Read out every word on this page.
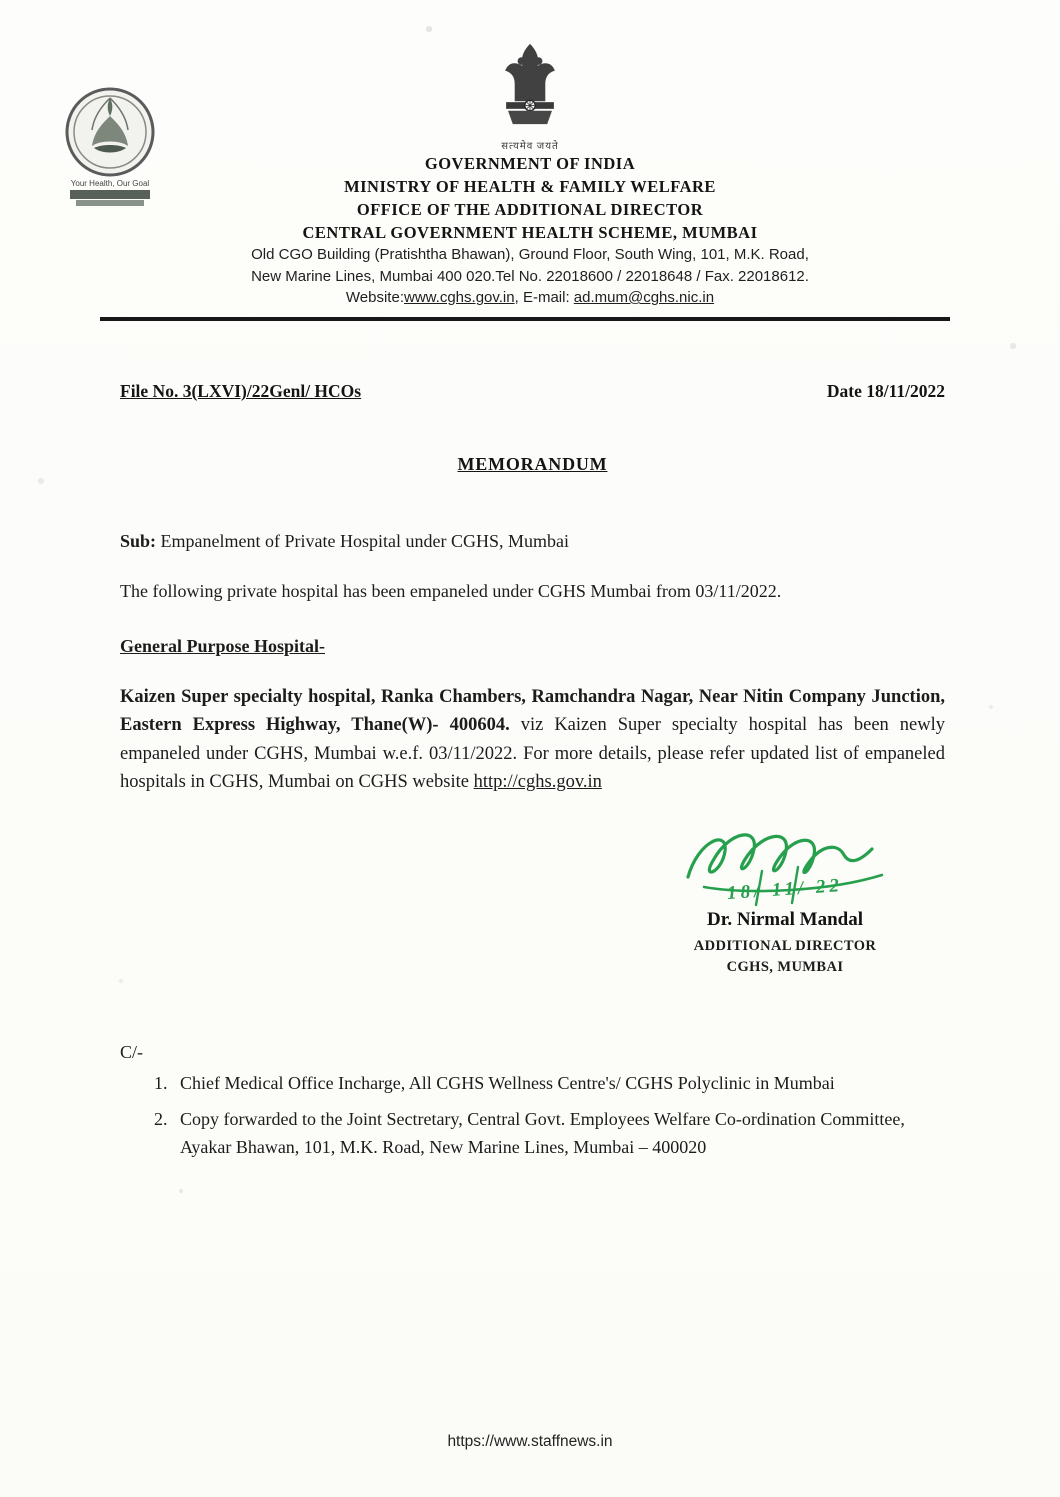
Your Health, Our Goal
सत्यमेव जयते
GOVERNMENT OF INDIA
MINISTRY OF HEALTH & FAMILY WELFARE
OFFICE OF THE ADDITIONAL DIRECTOR
CENTRAL GOVERNMENT HEALTH SCHEME, MUMBAI
Old CGO Building (Pratishtha Bhawan), Ground Floor, South Wing, 101, M.K. Road,
New Marine Lines, Mumbai 400 020.Tel No. 22018600 / 22018648 / Fax. 22018612.
Website:www.cghs.gov.in, E-mail: ad.mum@cghs.nic.in
File No. 3(LXVI)/22Genl/ HCOs	Date 18/11/2022
MEMORANDUM

Sub: Empanelment of Private Hospital under CGHS, Mumbai

The following private hospital has been empaneled under CGHS Mumbai from 03/11/2022.

General Purpose Hospital-

Kaizen Super specialty hospital, Ranka Chambers, Ramchandra Nagar, Near Nitin Company Junction, Eastern Express Highway, Thane(W)- 400604. viz Kaizen Super specialty hospital has been newly empaneled under CGHS, Mumbai w.e.f. 03/11/2022. For more details, please refer updated list of empaneled hospitals in CGHS, Mumbai on CGHS website http://cghs.gov.in

18/ 11/ 22
Dr. Nirmal Mandal
ADDITIONAL DIRECTOR
CGHS, MUMBAI
C/-
1. Chief Medical Office Incharge, All CGHS Wellness Centre's/ CGHS Polyclinic in Mumbai
2. Copy forwarded to the Joint Sectretary, Central Govt. Employees Welfare Co-ordination Committee, Ayakar Bhawan, 101, M.K. Road, New Marine Lines, Mumbai – 400020
https://www.staffnews.in
